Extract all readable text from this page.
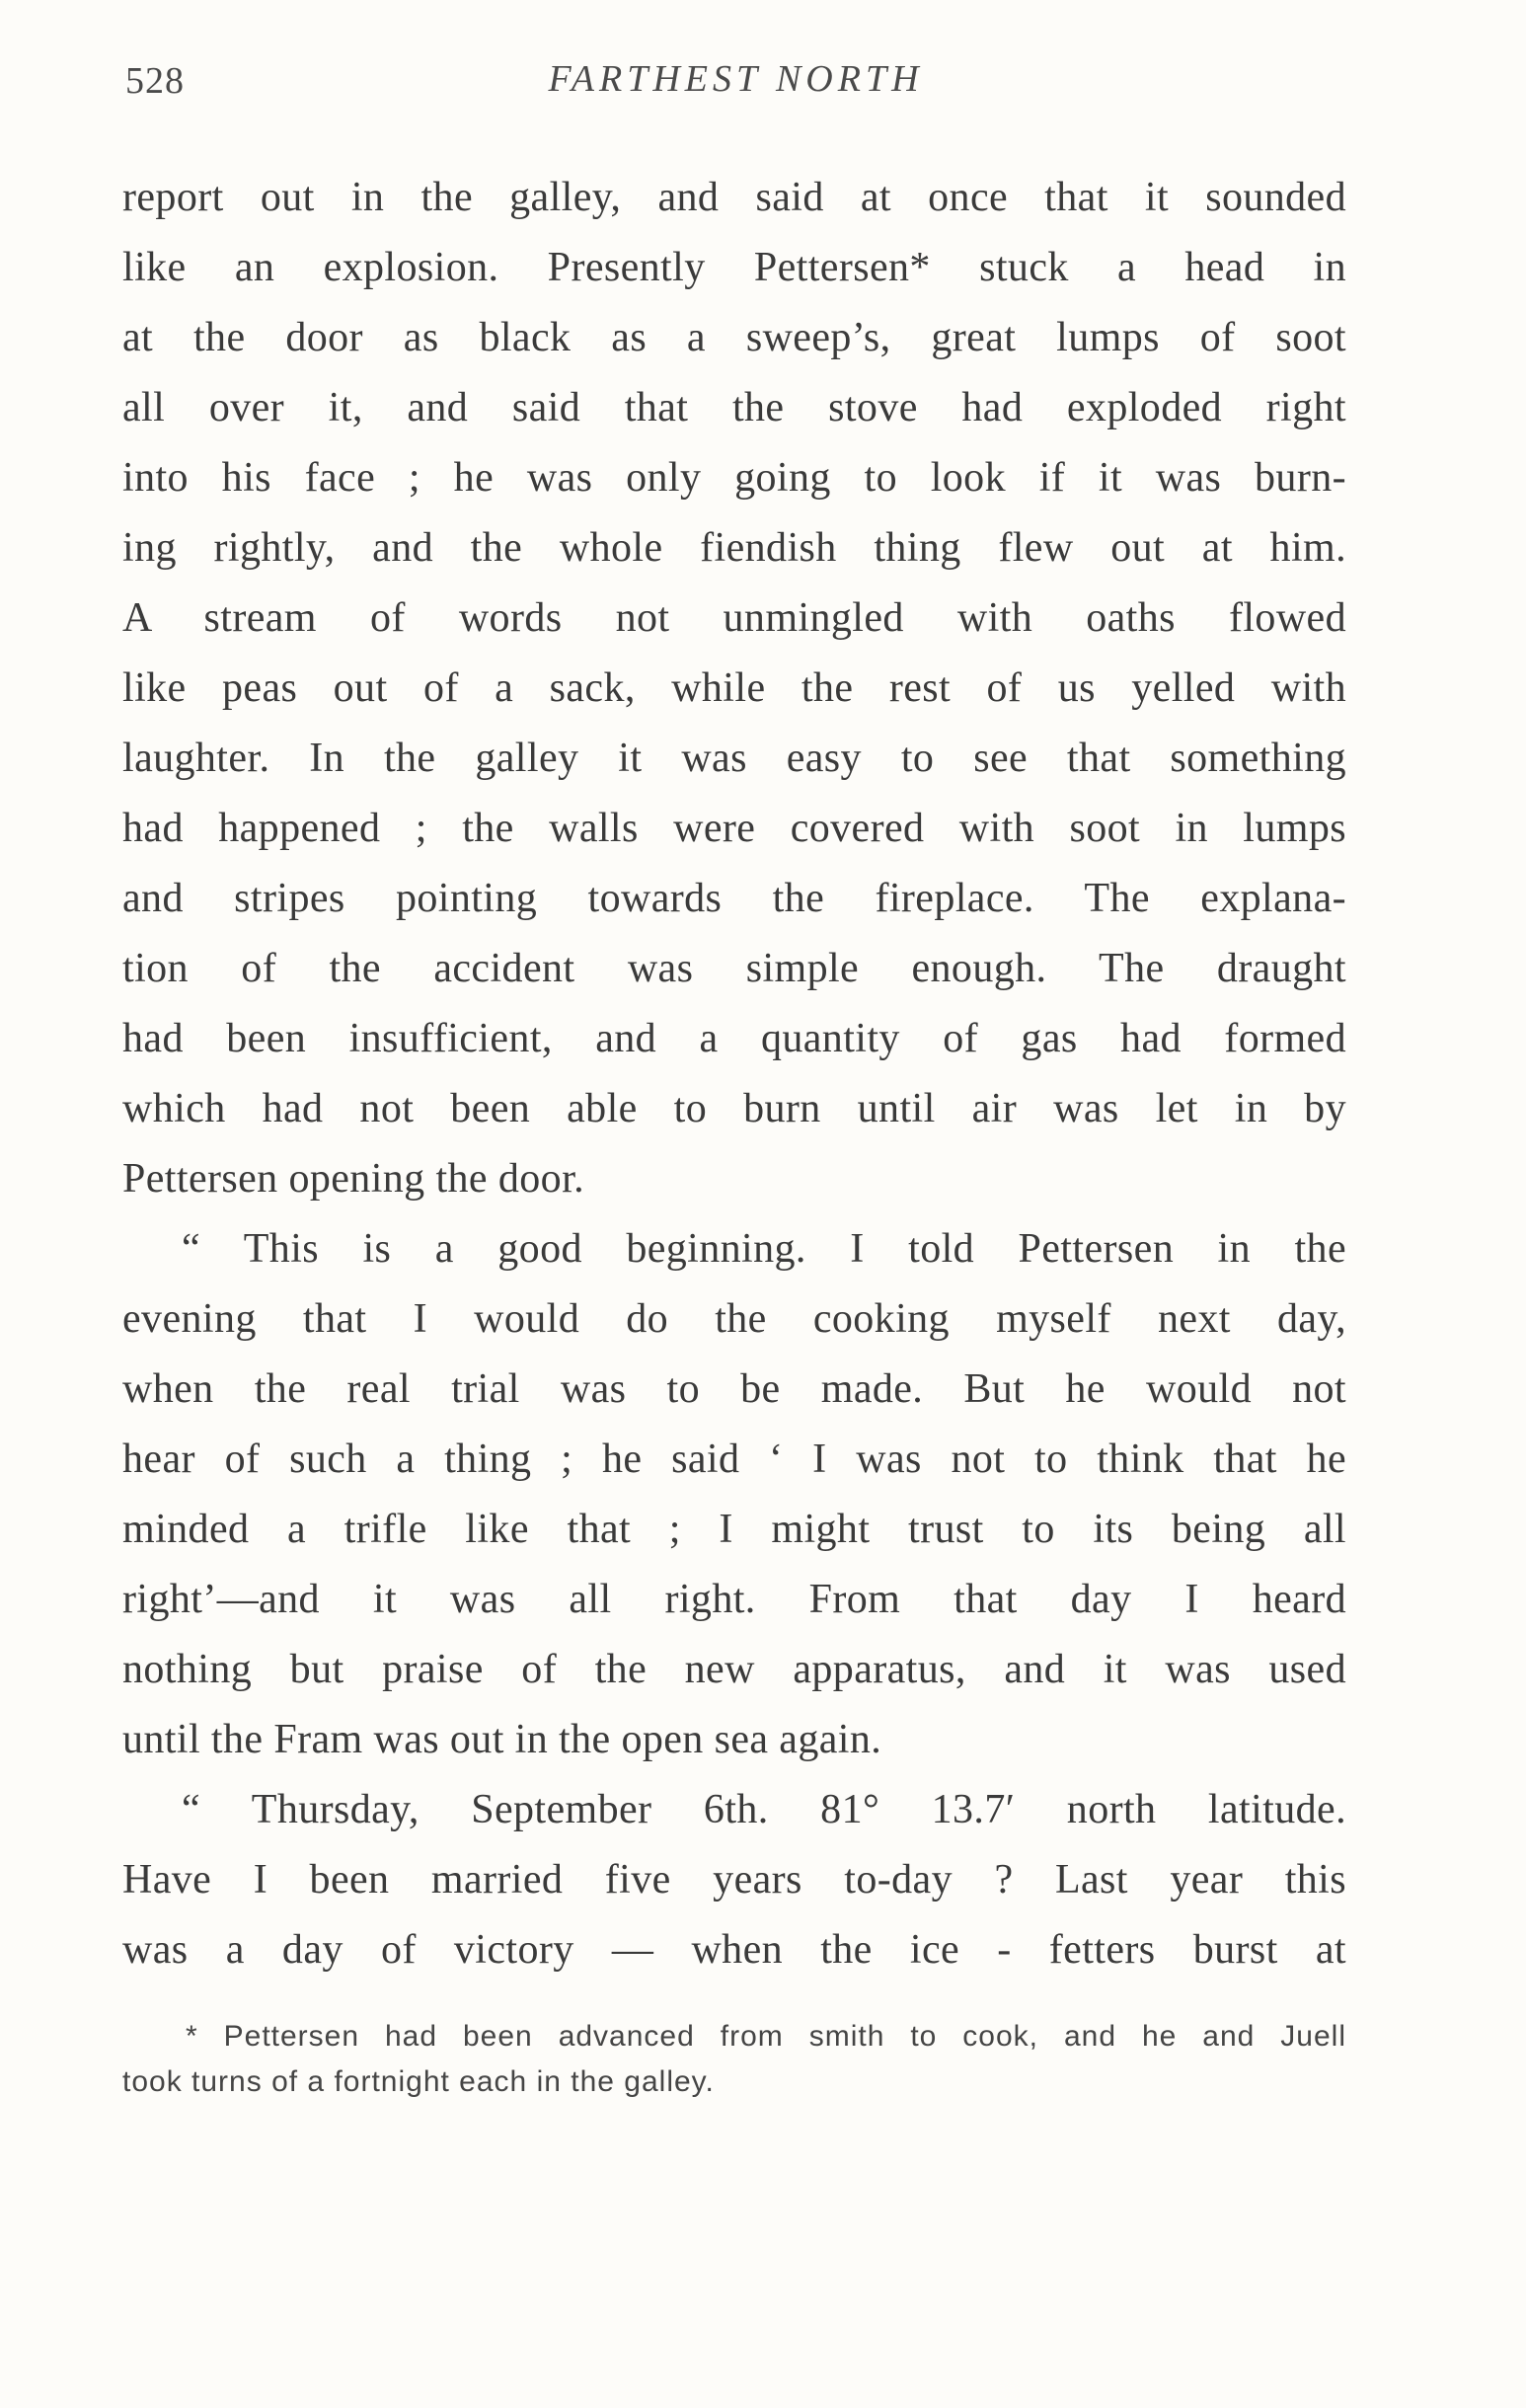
528	FARTHEST NORTH
report out in the galley, and said at once that it sounded
like an explosion. Presently Pettersen* stuck a head in
at the door as black as a sweep’s, great lumps of soot
all over it, and said that the stove had exploded right
into his face ; he was only going to look if it was burn-
ing rightly, and the whole fiendish thing flew out at him.
A stream of words not unmingled with oaths flowed
like peas out of a sack, while the rest of us yelled with
laughter. In the galley it was easy to see that something
had happened ; the walls were covered with soot in lumps
and stripes pointing towards the fireplace. The explana-
tion of the accident was simple enough. The draught
had been insufficient, and a quantity of gas had formed
which had not been able to burn until air was let in by
Pettersen opening the door.
“ This is a good beginning. I told Pettersen in the
evening that I would do the cooking myself next day,
when the real trial was to be made. But he would not
hear of such a thing ; he said ‘ I was not to think that he
minded a trifle like that ; I might trust to its being all
right’—and it was all right. From that day I heard
nothing but praise of the new apparatus, and it was used
until the Fram was out in the open sea again.
“ Thursday, September 6th. 81° 13.7′ north latitude.
Have I been married five years to-day ? Last year this
was a day of victory — when the ice - fetters burst at
* Pettersen had been advanced from smith to cook, and he and Juell
took turns of a fortnight each in the galley.
